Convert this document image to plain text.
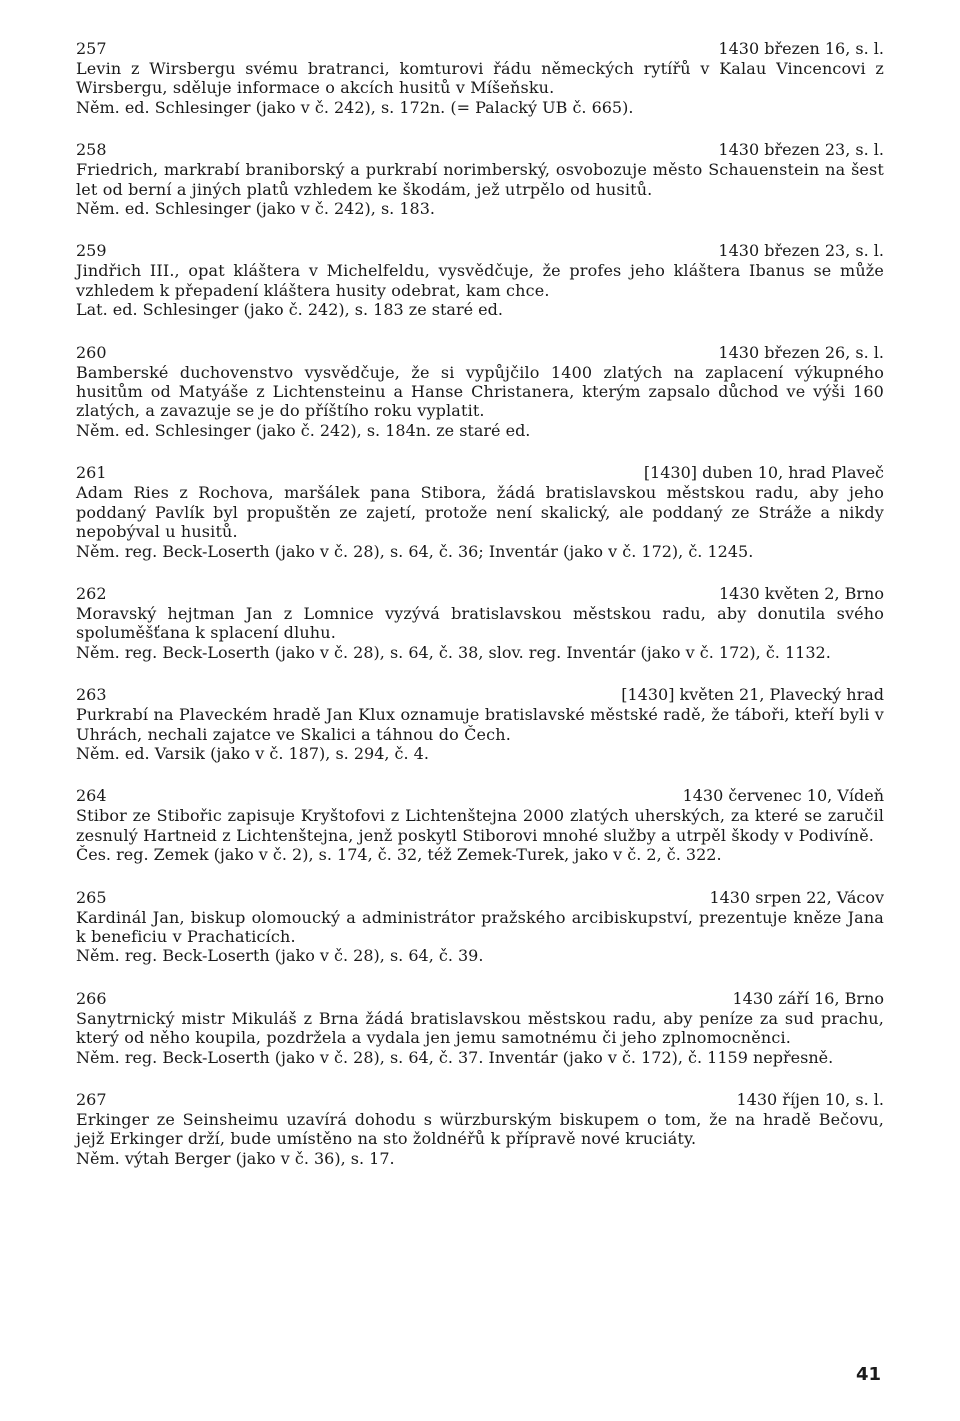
257	1430 březen 16, s. l.

Levin z Wirsbergu svému bratranci, komturovi řádu německých rytířů v Kalau Vincencovi z Wirsbergu, sděluje informace o akcích husitů v Míšeňsku.

Něm. ed. Schlesinger (jako v č. 242), s. 172n. (= Palacký UB č. 665).

258	1430 březen 23, s. l.

Friedrich, markrabí braniborský a purkrabí norimberský, osvobozuje město Schauenstein na šest let od berní a jiných platů vzhledem ke škodám, jež utrpělo od husitů.

Něm. ed. Schlesinger (jako v č. 242), s. 183.

259	1430 březen 23, s. l.

Jindřich III., opat kláštera v Michelfeldu, vysvědčuje, že profes jeho kláštera Ibanus se může vzhledem k přepadení kláštera husity odebrat, kam chce.

Lat. ed. Schlesinger (jako č. 242), s. 183 ze staré ed.

260	1430 březen 26, s. l.

Bamberské duchovenstvo vysvědčuje, že si vypůjčilo 1400 zlatých na zaplacení výkupného husitům od Matyáše z Lichtensteinu a Hanse Christanera, kterým zapsalo důchod ve výši 160 zlatých, a zavazuje se je do příštího roku vyplatit.

Něm. ed. Schlesinger (jako č. 242), s. 184n. ze staré ed.

261	[1430] duben 10, hrad Plaveč

Adam Ries z Rochova, maršálek pana Stibora, žádá bratislavskou městskou radu, aby jeho poddaný Pavlík byl propuštěn ze zajetí, protože není skalický, ale poddaný ze Stráže a nikdy nepobýval u husitů.

Něm. reg. Beck-Loserth (jako v č. 28), s. 64, č. 36; Inventár (jako v č. 172), č. 1245.

262	1430 květen 2, Brno

Moravský hejtman Jan z Lomnice vyzývá bratislavskou městskou radu, aby donutila svého spoluměšťana k splacení dluhu.

Něm. reg. Beck-Loserth (jako v č. 28), s. 64, č. 38, slov. reg. Inventár (jako v č. 172), č. 1132.

263	[1430] květen 21, Plavecký hrad

Purkrabí na Plaveckém hradě Jan Klux oznamuje bratislavské městské radě, že táboři, kteří byli v Uhrách, nechali zajatce ve Skalici a táhnou do Čech.

Něm. ed. Varsik (jako v č. 187), s. 294, č. 4.

264	1430 červenec 10, Vídeň

Stibor ze Stibořic zapisuje Kryštofovi z Lichtenštejna 2000 zlatých uherských, za které se zaručil zesnulý Hartneid z Lichtenštejna, jenž poskytl Stiborovi mnohé služby a utrpěl škody v Podivíně.

Čes. reg. Zemek (jako v č. 2), s. 174, č. 32, též Zemek-Turek, jako v č. 2, č. 322.

265	1430 srpen 22, Vácov

Kardinál Jan, biskup olomoucký a administrátor pražského arcibiskupství, prezentuje kněze Jana k beneficiu v Prachaticích.

Něm. reg. Beck-Loserth (jako v č. 28), s. 64, č. 39.

266	1430 září 16, Brno

Sanytrnický mistr Mikuláš z Brna žádá bratislavskou městskou radu, aby peníze za sud prachu, který od něho koupila, pozdržela a vydala jen jemu samotnému či jeho zplnomocněnci.

Něm. reg. Beck-Loserth (jako v č. 28), s. 64, č. 37. Inventár (jako v č. 172), č. 1159 nepřesně.

267	1430 říjen 10, s. l.

Erkinger ze Seinsheimu uzavírá dohodu s würzburským biskupem o tom, že na hradě Bečovu, jejž Erkinger drží, bude umístěno na sto žoldnéřů k přípravě nové kruciáty.

Něm. výtah Berger (jako v č. 36), s. 17.

41
